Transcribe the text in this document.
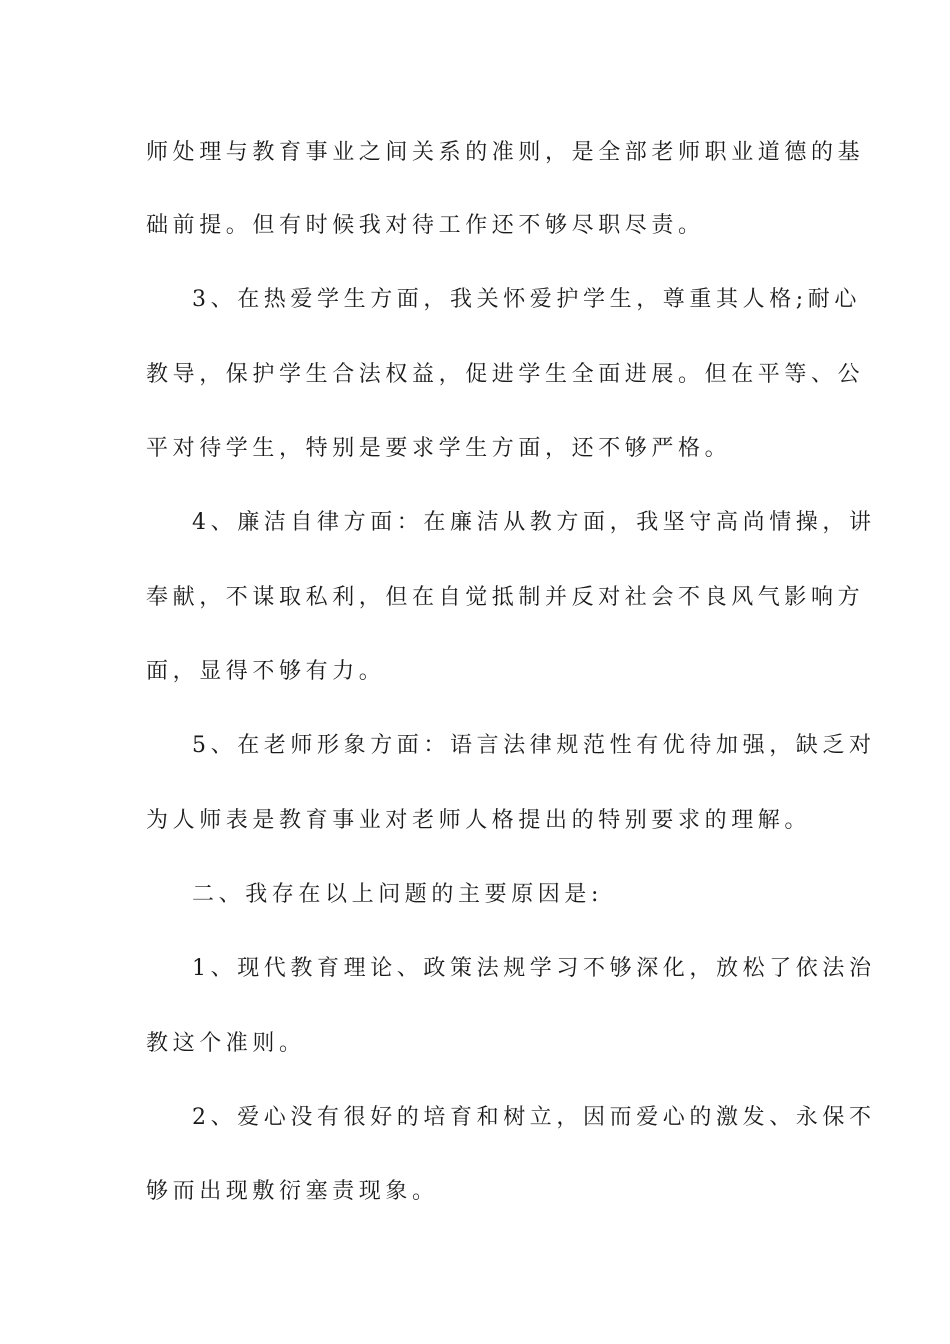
师处理与教育事业之间关系的准则，是全部老师职业道德的基
础前提。但有时候我对待工作还不够尽职尽责。
3、在热爱学生方面，我关怀爱护学生，尊重其人格;耐心
教导，保护学生合法权益，促进学生全面进展。但在平等、公
平对待学生，特别是要求学生方面，还不够严格。
4、廉洁自律方面：在廉洁从教方面，我坚守高尚情操，讲
奉献，不谋取私利，但在自觉抵制并反对社会不良风气影响方
面，显得不够有力。
5、在老师形象方面：语言法律规范性有优待加强，缺乏对
为人师表是教育事业对老师人格提出的特别要求的理解。
二、我存在以上问题的主要原因是:
1、现代教育理论、政策法规学习不够深化，放松了依法治
教这个准则。
2、爱心没有很好的培育和树立，因而爱心的激发、永保不
够而出现敷衍塞责现象。
